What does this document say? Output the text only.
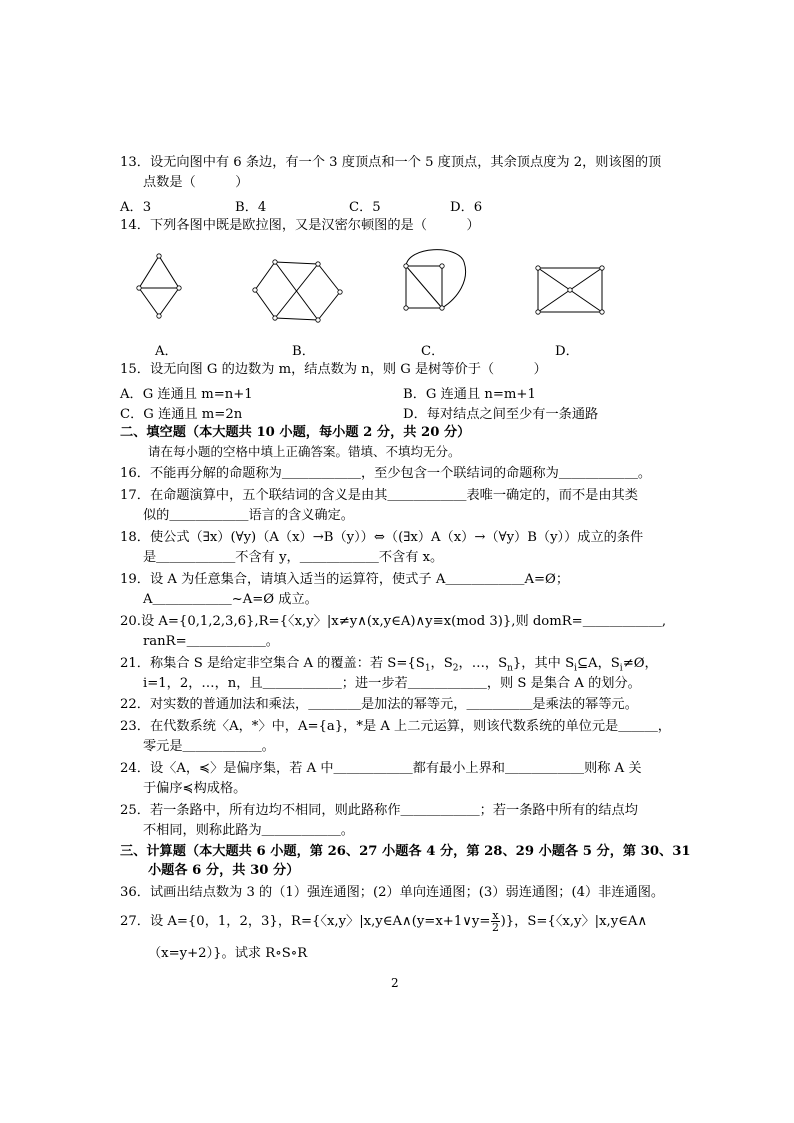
13．设无向图中有 6 条边，有一个 3 度顶点和一个 5 度顶点，其余顶点度为 2，则该图的顶
点数是（　　　）
A．3	B．4	C．5	D．6
14．下列各图中既是欧拉图，又是汉密尔顿图的是（　　　）
A．	B．	C．	D．
15．设无向图 G 的边数为 m，结点数为 n，则 G 是树等价于（　　　）
A．G 连通且 m=n+1	B．G 连通且 n=m+1
C．G 连通且 m=2n	D．每对结点之间至少有一条通路
二、填空题（本大题共 10 小题，每小题 2 分，共 20 分）
请在每小题的空格中填上正确答案。错填、不填均无分。
16．不能再分解的命题称为＿＿＿＿＿＿，至少包含一个联结词的命题称为＿＿＿＿＿＿。
17．在命题演算中，五个联结词的含义是由其＿＿＿＿＿＿表唯一确定的，而不是由其类
似的＿＿＿＿＿＿语言的含义确定。
18．使公式（∃x）(∀y)（A（x）→B（y））⇔（(∃x）A（x）→（∀y）B（y））成立的条件
是＿＿＿＿＿＿不含有 y，＿＿＿＿＿＿不含有 x。
19．设 A 为任意集合，请填入适当的运算符，使式子 A＿＿＿＿＿＿A=Ø；
A＿＿＿＿＿＿~A=Ø 成立。
20.设 A={0,1,2,3,6},R={〈x,y〉|x≠y∧(x,y∈A)∧y≡x(mod 3)},则 domR=＿＿＿＿＿＿,
ranR=＿＿＿＿＿＿。
21．称集合 S 是给定非空集合 A 的覆盖：若 $S=\{S_1$，$S_2$，…，$S_n$}，其中 $S_i⊆A$，$S_i\ne Ø$，
i=1，2，…，n，且＿＿＿＿＿＿；进一步若＿＿＿＿＿＿，则 S 是集合 A 的划分。
22．对实数的普通加法和乘法，＿＿＿＿是加法的幂等元，＿＿＿＿＿是乘法的幂等元。
23．在代数系统〈A，*〉中，A={a}，*是 A 上二元运算，则该代数系统的单位元是＿＿＿，
零元是＿＿＿＿＿＿。
24．设〈A，≼〉是偏序集，若 A 中＿＿＿＿＿＿都有最小上界和＿＿＿＿＿＿则称 A 关
于偏序≼构成格。
25．若一条路中，所有边均不相同，则此路称作＿＿＿＿＿＿；若一条路中所有的结点均
不相同，则称此路为＿＿＿＿＿＿。
三、计算题（本大题共 6 小题，第 26、27 小题各 4 分，第 28、29 小题各 5 分，第 30、31
小题各 6 分，共 30 分）
36．试画出结点数为 3 的（1）强连通图；(2）单向连通图；(3）弱连通图；(4）非连通图。
27．设 A={0，1，2，3}，R={〈x,y〉|x,y∈A∧(y=x+1∨y= $\frac{x}{2}$ )}，S={〈x,y〉|x,y∈A∧
（x=y+2）}。试求 R∘S∘R
2
